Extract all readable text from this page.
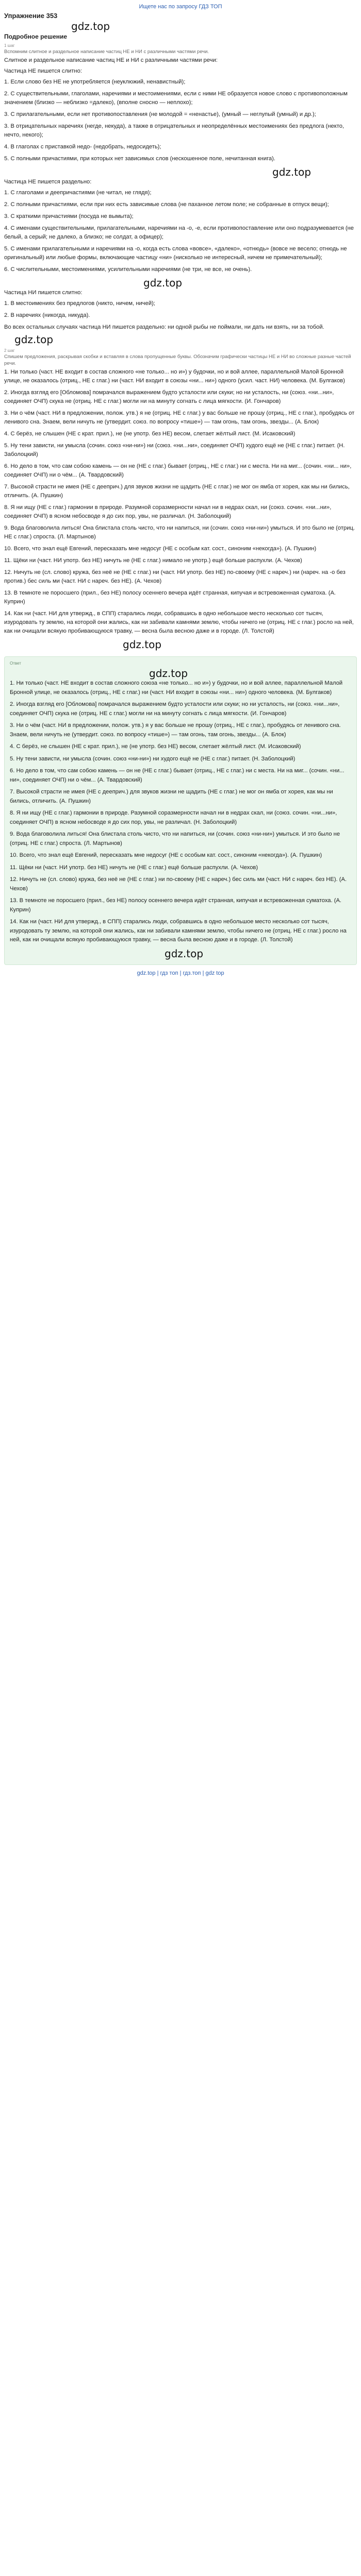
Ищете нас по запросу ГДЗ ТОП
Упражнение 353
gdz.top
Подробное решение
1 шаг
Вспомним слитное и раздельное написание частиц НЕ и НИ с различными частями речи.

Слитное и раздельное написание частиц НЕ и НИ с различными частями речи:

Частица НЕ пишется слитно:

1. Если слово без НЕ не употребляется (неуклюжий, ненавистный);

2. С существительными, глаголами, наречиями и местоимениями, если с ними НЕ образуется новое слово с противоположным значением (близко — неблизко =далеко), (вполне сносно — неплохо);

3. С прилагательными, если нет противопоставления (не молодой = «ненастье), (умный — неглупый (умный) и др.);

3. В отрицательных наречиях (негде, некуда), а также в отрицательных и неопределённых местоимениях без предлога (некто, нечто, некого);

4. В глаголах с приставкой недо- (недобрать, недосидеть);

5. С полными причастиями, при которых нет зависимых слов (нескошенное поле, нечитанная книга).

gdz.top

Частица НЕ пишется раздельно:

1. С глаголами и деепричастиями (не читал, не глядя);

2. С полными причастиями, если при них есть зависимые слова (не паханное летом поле; не собранные в отпуск вещи);

3. С краткими причастиями (посуда не вымыта);

4. С именами существительными, прилагательными, наречиями на -о, -е, если противопоставление или оно подразумевается (не белый, а серый; не далеко, а близко; не солдат, а офицер);

5. С именами прилагательными и наречиями на -о, когда есть слова «вовсе», «далеко», «отнюдь» (вовсе не весело; отнюдь не оригинальный) или любые формы, включающие частицу «ни» (нисколько не интересный, ничем не примечательный);

6. С числительными, местоимениями, усилительными наречиями (не три, не все, не очень).

gdz.top

Частица НИ пишется слитно:

1. В местоимениях без предлогов (никто, ничем, ничей);

2. В наречиях (никогда, никуда).

Во всех остальных случаях частица НИ пишется раздельно: ни одной рыбы не поймали, ни дать ни взять, ни за тобой.

gdz.top
2 шаг
Спишем предложения, раскрывая скобки и вставляя в слова пропущенные буквы. Обозначим графически частицы НЕ и НИ во сложные разные частей речи.

1. Ни только (част. НЕ входит в состав сложного «не только... но и») у будочки, но и вой аллее, параллельной Малой Бронной улице, не оказалось (отриц., НЕ с глаг.) ни (част. НИ входит в союзы «ни... ни») одного (усил. част. НИ) человека. (М. Булгаков)

2. Иногда взгляд его [Обломова] помрачался выражением будто усталости или скуки; но ни усталость, ни (союз. «ни...ни», соединяет ОЧП) скука не (отриц. НЕ с глаг.) могли ни на минуту согнать с лица мягкости. (И. Гончаров)

3. Ни о чём (част. НИ в предложении, полож. утв.) я не (отриц. НЕ с глаг.) у вас больше не прошу (отриц., НЕ с глаг.), пробудясь от ленивого сна. Знаем, вели ничуть не (утвердит. союз. по вопросу «тише») — там огонь, там огонь, звезды... (А. Блок)

4. С берёз, не слышен (НЕ с крат. прил.), не (не употр. без НЕ) весом, слетает жёлтый лист. (М. Исаковский)

5. Ну тени зависти, ни умысла (сочин. союз «ни-ни») ни (союз. «ни...ни», соединяет ОЧП) худого ещё не (НЕ с глаг.) питает. (Н. Заболоцкий)

6. Но дело в том, что сам собою камень — он не (НЕ с глаг.) бывает (отриц., НЕ с глаг.) ни с места. Ни на миг... (сочин. «ни... ни», соединяет ОЧП) ни о чём... (А. Твардовский)

7. Высокой страсти не имея (НЕ с дееприч.) для звуков жизни не щадить (НЕ с глаг.) не мог он ямба от хорея, как мы ни бились, отличить. (А. Пушкин)

8. Я ни ищу (НЕ с глаг.) гармонии в природе. Разумной соразмерности начал ни в недрах скал, ни (союз. сочин. «ни...ни», соединяет ОЧП) в ясном небосводе я до сих пор, увы, не различал. (Н. Заболоцкий)

9. Вода благоволила литься! Она блистала столь чисто, что ни напиться, ни (сочин. союз «ни-ни») умыться. И это было не (отриц. НЕ с глаг.) спроста. (Л. Мартынов)

10. Всего, что знал ещё Евгений, пересказать мне недосуг (НЕ с особым кат. сост., синоним «некогда»). (А. Пушкин)

11. Щёки ни (част. НИ употр. без НЕ) ничуть не (НЕ с глаг.) нимало не употр.) ещё больше распухли. (А. Чехов)

12. Ничуть не (сл. слово) кружа, без неё не (НЕ с глаг.) ни (част. НИ употр. без НЕ) по-своему (НЕ с нареч.) ни (нареч. на -о без против.) бес силь ми (част. НИ с нареч. без НЕ). (А. Чехов)

13. В темноте не поросшего (прил., без НЕ) полосу осеннего вечера идёт странная, кипучая и встревоженная суматоха. (А. Куприн)

14. Как ни (част. НИ для утвержд., в СПП) старались люди, собравшись в одно небольшое место несколько сот тысяч, изуродовать ту землю, на которой они жались, как ни забивали камнями землю, чтобы ничего не (отриц. НЕ с глаг.) росло на ней, как ни очищали всякую пробивающуюся травку, — весна была весною даже и в городе. (Л. Толстой)

gdz.top
Ответ
gdz.top

1. Ни только (част. НЕ входит в состав сложного союза «не только... но и») у будочки, но и вой аллее, параллельной Малой Бронной улице, не оказалось (отриц., НЕ с глаг.) ни (част. НИ входит в союзы «ни... ни») одного человека. (М. Булгаков)

2. Иногда взгляд его [Обломова] помрачался выражением будто усталости или скуки; но ни усталость, ни (союз. «ни...ни», соединяет ОЧП) скука не (отриц. НЕ с глаг.) могли ни на минуту согнать с лица мягкости. (И. Гончаров)

3. Ни о чём (част. НИ в предложении, полож. утв.) я у вас больше не прошу (отриц., НЕ с глаг.), пробудясь от ленивого сна. Знаем, вели ничуть не (утвердит. союз. по вопросу «тише») — там огонь, там огонь, звезды... (А. Блок)

4. С берёз, не слышен (НЕ с крат. прил.), не (не употр. без НЕ) весом, слетает жёлтый лист. (М. Исаковский)

5. Ну тени зависти, ни умысла (сочин. союз «ни-ни») ни худого ещё не (НЕ с глаг.) питает. (Н. Заболоцкий)

6. Но дело в том, что сам собою камень — он не (НЕ с глаг.) бывает (отриц., НЕ с глаг.) ни с места. Ни на миг... (сочин. «ни... ни», соединяет ОЧП) ни о чём... (А. Твардовский)

7. Высокой страсти не имея (НЕ с дееприч.) для звуков жизни не щадить (НЕ с глаг.) не мог он ямба от хорея, как мы ни бились, отличить. (А. Пушкин)

8. Я ни ищу (НЕ с глаг.) гармонии в природе. Разумной соразмерности начал ни в недрах скал, ни (союз. сочин. «ни...ни», соединяет ОЧП) в ясном небосводе я до сих пор, увы, не различал. (Н. Заболоцкий)

9. Вода благоволила литься! Она блистала столь чисто, что ни напиться, ни (сочин. союз «ни-ни») умыться. И это было не (отриц. НЕ с глаг.) спроста. (Л. Мартынов)

10. Всего, что знал ещё Евгений, пересказать мне недосуг (НЕ с особым кат. сост., синоним «некогда»). (А. Пушкин)

11. Щёки ни (част. НИ употр. без НЕ) ничуть не (НЕ с глаг.) ещё больше распухли. (А. Чехов)

12. Ничуть не (сл. слово) кружа, без неё не (НЕ с глаг.) ни по-своему (НЕ с нареч.) бес силь ми (част. НИ с нареч. без НЕ). (А. Чехов)

13. В темноте не поросшего (прил., без НЕ) полосу осеннего вечера идёт странная, кипучая и встревоженная суматоха. (А. Куприн)

14. Как ни (част. НИ для утвержд., в СПП) старались люди, собравшись в одно небольшое место несколько сот тысяч, изуродовать ту землю, на которой они жались, как ни забивали камнями землю, чтобы ничего не (отриц. НЕ с глаг.) росло на ней, как ни очищали всякую пробивающуюся травку, — весна была весною даже и в городе. (Л. Толстой)

gdz.top
gdz.top | гдз топ | гдз.топ | gdz top
